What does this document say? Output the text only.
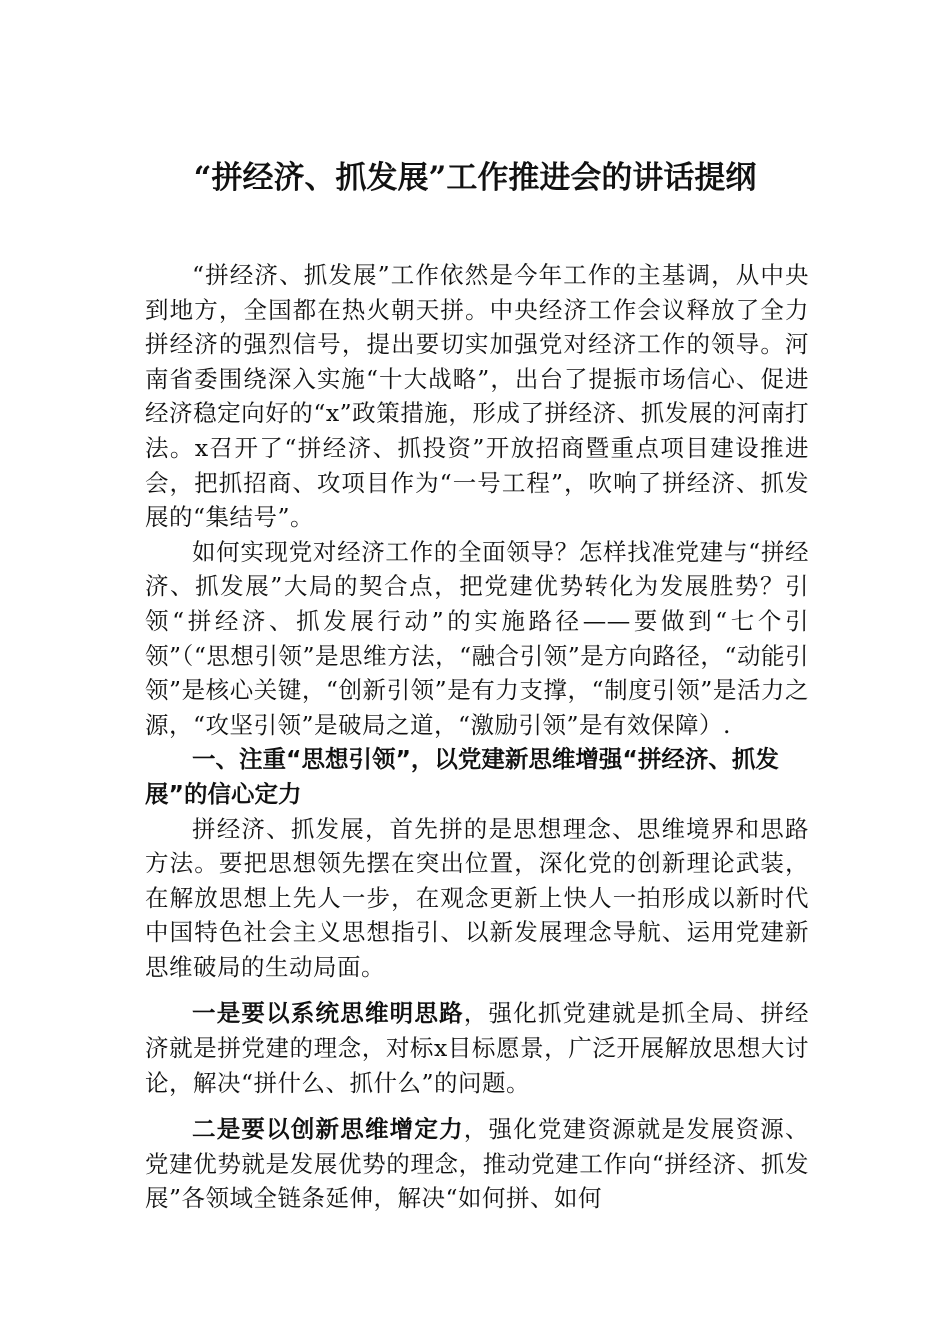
“拼经济、抓发展”工作推进会的讲话提纲

“拼经济、抓发展”工作依然是今年工作的主基调，从中央到地方，全国都在热火朝天拼。中央经济工作会议释放了全力拼经济的强烈信号，提出要切实加强党对经济工作的领导。河南省委围绕深入实施“十大战略”，出台了提振市场信心、促进经济稳定向好的“x”政策措施，形成了拼经济、抓发展的河南打法。x召开了“拼经济、抓投资”开放招商暨重点项目建设推进会，把抓招商、攻项目作为“一号工程”，吹响了拼经济、抓发展的“集结号”。

如何实现党对经济工作的全面领导？怎样找准党建与“拼经济、抓发展”大局的契合点，把党建优势转化为发展胜势？引领“拼经济、抓发展行动”的实施路径——要做到“七个引领”（“思想引领”是思维方法，“融合引领”是方向路径，“动能引领”是核心关键，“创新引领”是有力支撑，“制度引领”是活力之源，“攻坚引领”是破局之道，“激励引领”是有效保障）.

一、注重“思想引领”，以党建新思维增强“拼经济、抓发展”的信心定力

拼经济、抓发展，首先拼的是思想理念、思维境界和思路方法。要把思想领先摆在突出位置，深化党的创新理论武装，在解放思想上先人一步，在观念更新上快人一拍形成以新时代中国特色社会主义思想指引、以新发展理念导航、运用党建新思维破局的生动局面。

一是要以系统思维明思路，强化抓党建就是抓全局、拼经济就是拼党建的理念，对标x目标愿景，广泛开展解放思想大讨论，解决“拼什么、抓什么”的问题。

二是要以创新思维增定力，强化党建资源就是发展资源、党建优势就是发展优势的理念，推动党建工作向“拼经济、抓发展”各领域全链条延伸，解决“如何拼、如何
